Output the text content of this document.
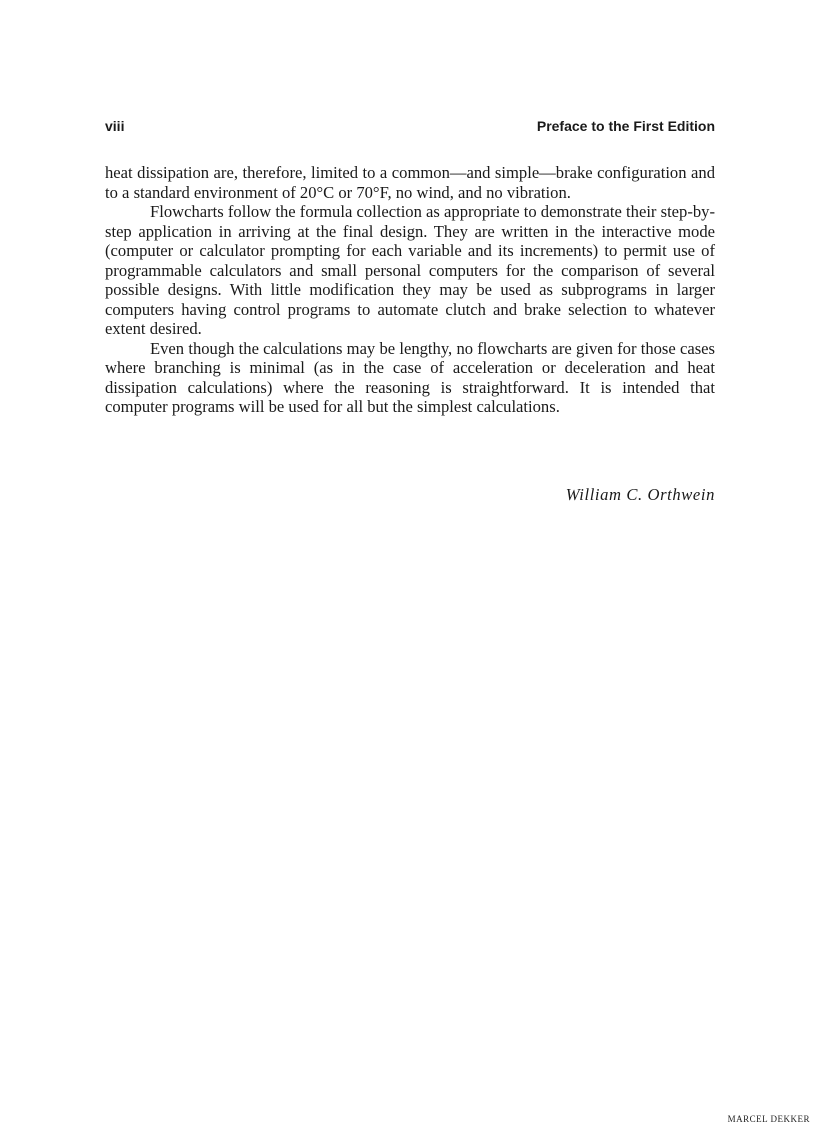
viii	Preface to the First Edition

heat dissipation are, therefore, limited to a common—and simple—brake configuration and to a standard environment of 20°C or 70°F, no wind, and no vibration.

Flowcharts follow the formula collection as appropriate to demonstrate their step-by-step application in arriving at the final design. They are written in the interactive mode (computer or calculator prompting for each variable and its increments) to permit use of programmable calculators and small personal computers for the comparison of several possible designs. With little modification they may be used as subprograms in larger computers having control programs to automate clutch and brake selection to whatever extent desired.

Even though the calculations may be lengthy, no flowcharts are given for those cases where branching is minimal (as in the case of acceleration or deceleration and heat dissipation calculations) where the reasoning is straightforward. It is intended that computer programs will be used for all but the simplest calculations.

William C. Orthwein
MARCEL DEKKER
